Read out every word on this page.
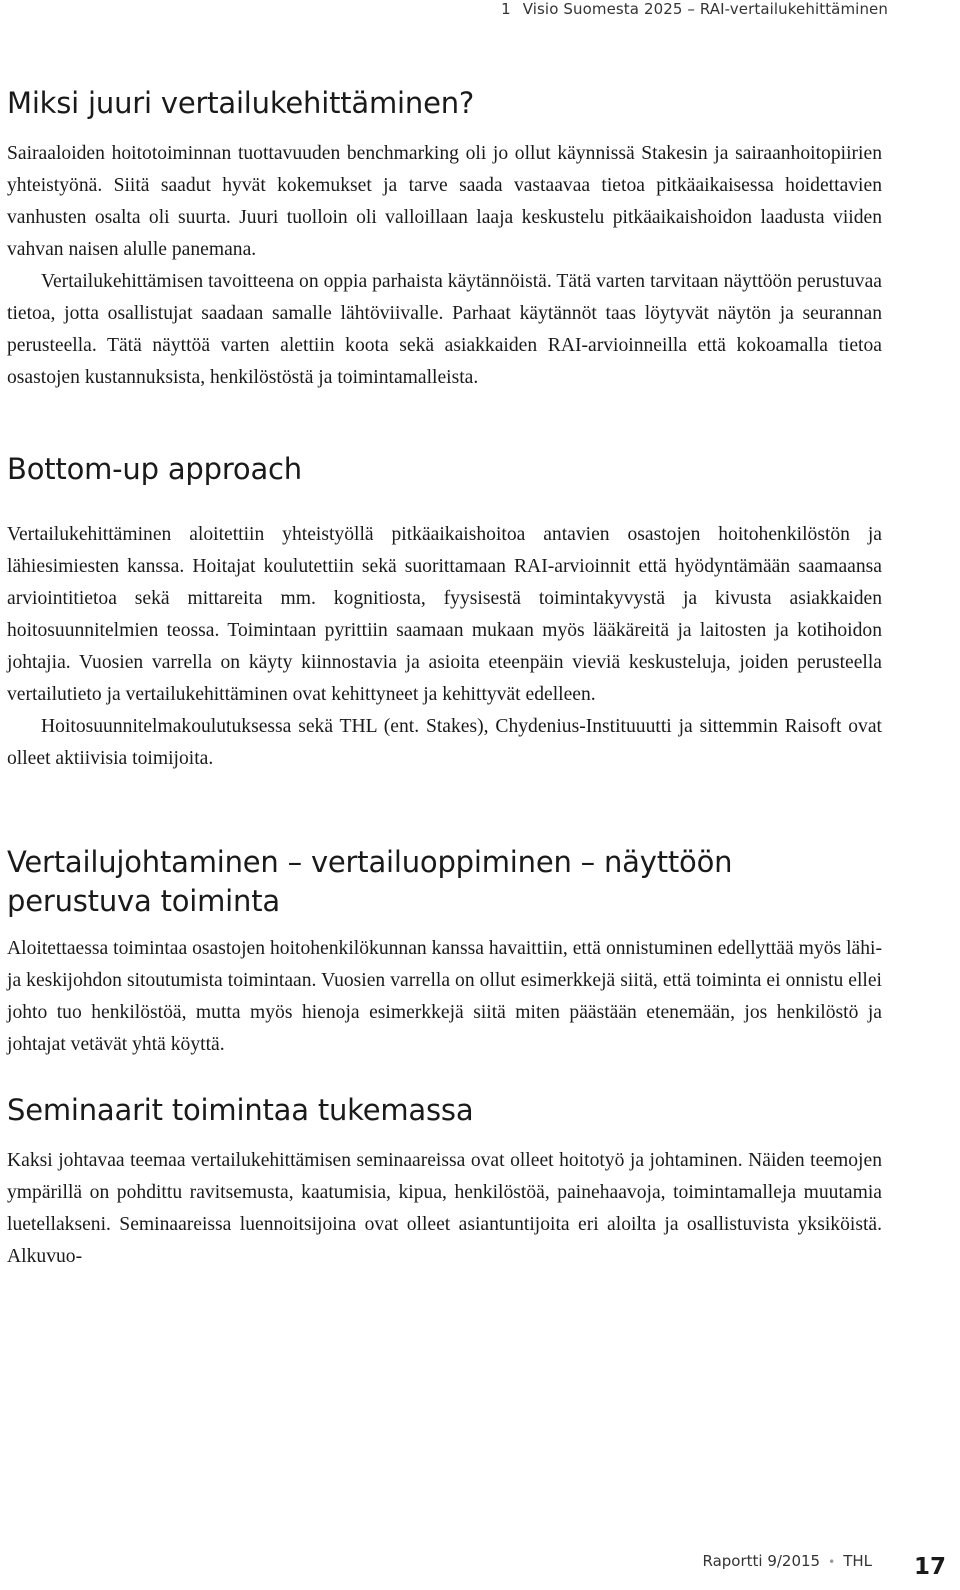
1 Visio Suomesta 2025 – RAI-vertailukehittäminen
Miksi juuri vertailukehittäminen?

Sairaaloiden hoitotoiminnan tuottavuuden benchmarking oli jo ollut käynnissä Stakesin ja sairaanhoitopiirien yhteistyönä. Siitä saadut hyvät kokemukset ja tarve saada vastaavaa tietoa pitkäaikaisessa hoidettavien vanhusten osalta oli suurta. Juuri tuolloin oli valloillaan laaja keskustelu pitkäaikaishoidon laadusta viiden vahvan naisen alulle panemana.

Vertailukehittämisen tavoitteena on oppia parhaista käytännöistä. Tätä varten tarvitaan näyttöön perustuvaa tietoa, jotta osallistujat saadaan samalle lähtöviivalle. Parhaat käytännöt taas löytyvät näytön ja seurannan perusteella. Tätä näyttöä varten alettiin koota sekä asiakkaiden RAI-arvioinneilla että kokoamalla tietoa osastojen kustannuksista, henkilöstöstä ja toimintamalleista.

Bottom-up approach

Vertailukehittäminen aloitettiin yhteistyöllä pitkäaikaishoitoa antavien osastojen hoitohenkilöstön ja lähiesimiesten kanssa. Hoitajat koulutettiin sekä suorittamaan RAI-arvioinnit että hyödyntämään saamaansa arviointitietoa sekä mittareita mm. kognitiosta, fyysisestä toimintakyvystä ja kivusta asiakkaiden hoitosuunnitelmien teossa. Toimintaan pyrittiin saamaan mukaan myös lääkäreitä ja laitosten ja kotihoidon johtajia. Vuosien varrella on käyty kiinnostavia ja asioita eteenpäin vieviä keskusteluja, joiden perusteella vertailutieto ja vertailukehittäminen ovat kehittyneet ja kehittyvät edelleen.

Hoitosuunnitelmakoulutuksessa sekä THL (ent. Stakes), Chydenius-Instituuutti ja sittemmin Raisoft ovat olleet aktiivisia toimijoita.

Vertailujohtaminen – vertailuoppiminen – näyttöön perustuva toiminta

Aloitettaessa toimintaa osastojen hoitohenkilökunnan kanssa havaittiin, että onnistuminen edellyttää myös lähi- ja keskijohdon sitoutumista toimintaan. Vuosien varrella on ollut esimerkkejä siitä, että toiminta ei onnistu ellei johto tuo henkilöstöä, mutta myös hienoja esimerkkejä siitä miten päästään etenemään, jos henkilöstö ja johtajat vetävät yhtä köyttä.

Seminaarit toimintaa tukemassa

Kaksi johtavaa teemaa vertailukehittämisen seminaareissa ovat olleet hoitotyö ja johtaminen. Näiden teemojen ympärillä on pohdittu ravitsemusta, kaatumisia, kipua, henkilöstöä, painehaavoja, toimintamalleja muutamia luetellakseni. Seminaareissa luennoitsijoina ovat olleet asiantuntijoita eri aloilta ja osallistuvista yksiköistä. Alkuvuo-

Raportti 9/2015 • THL 17
